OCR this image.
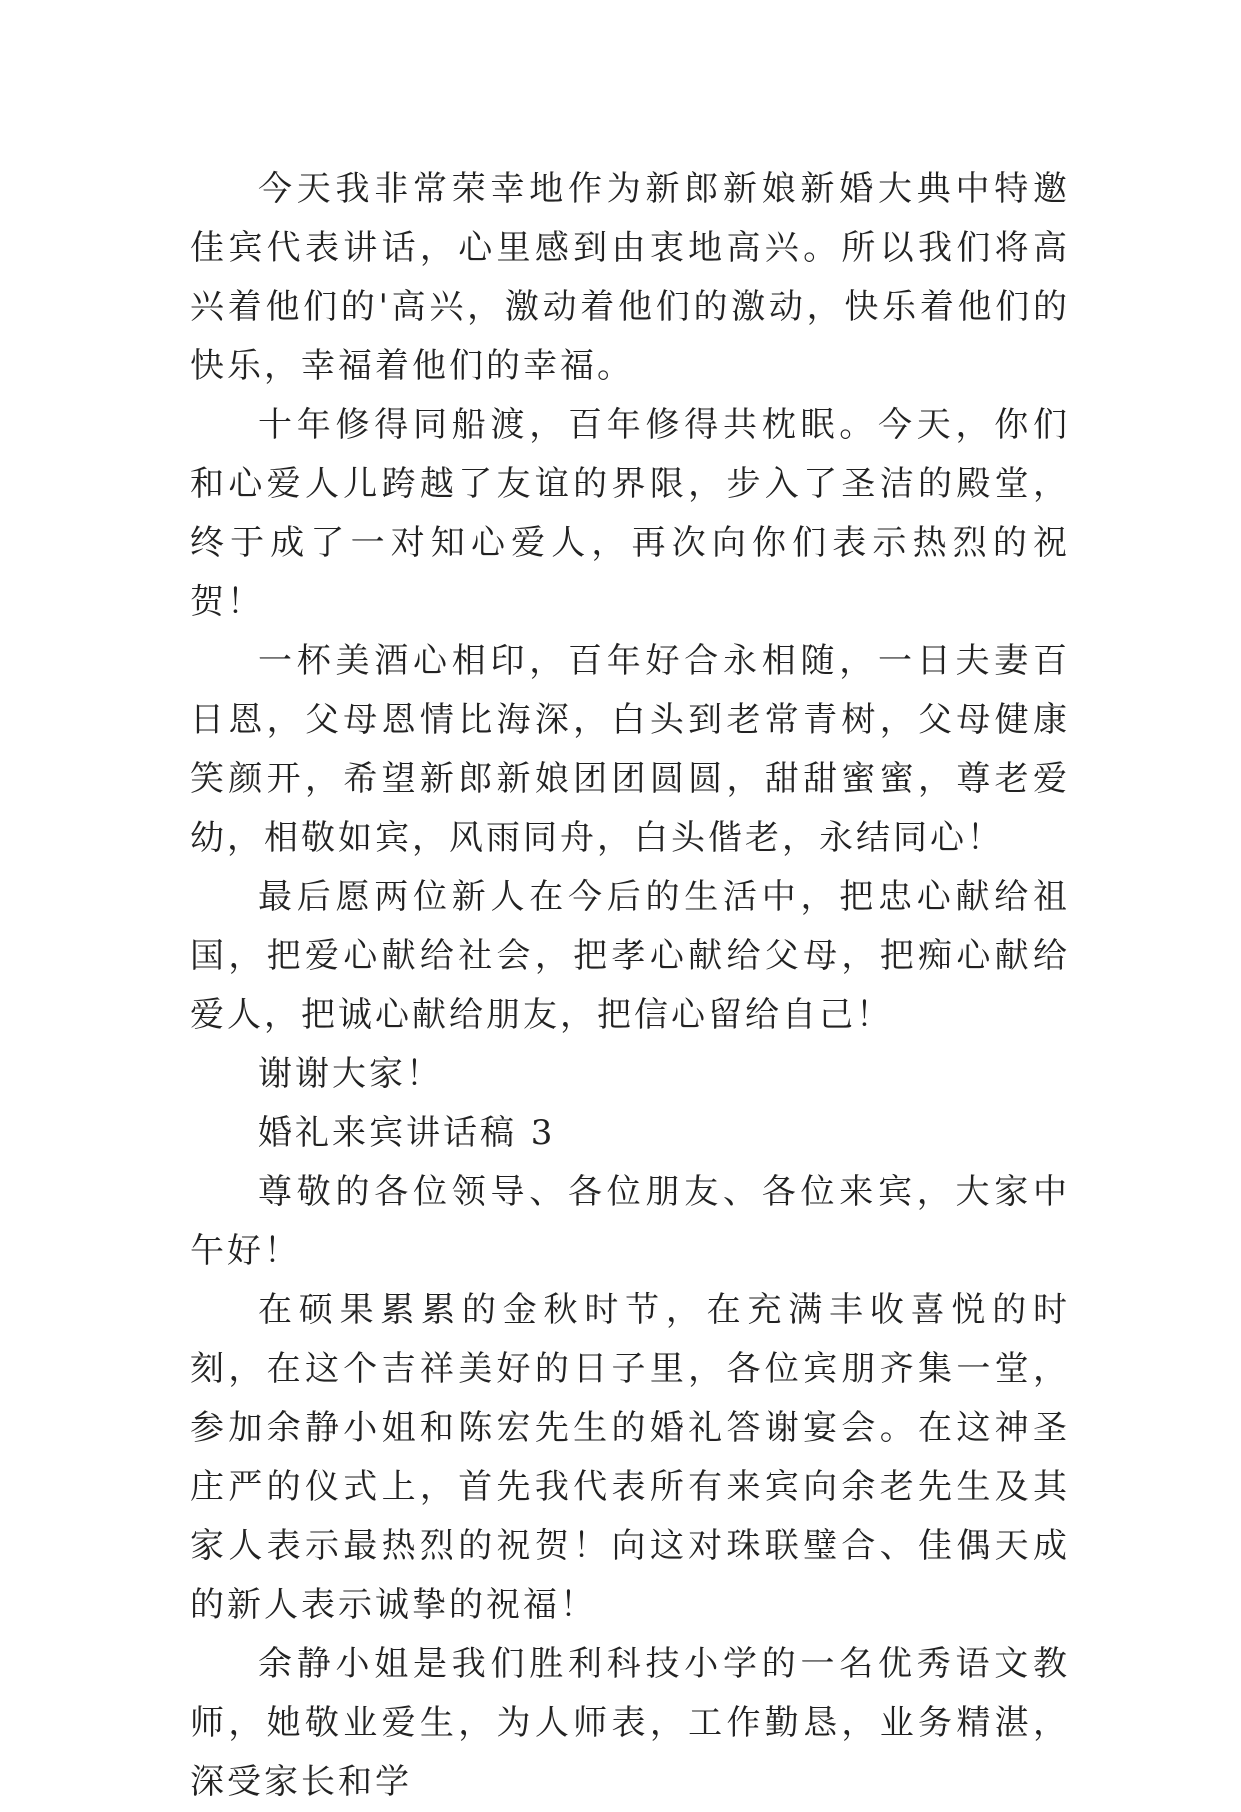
今天我非常荣幸地作为新郎新娘新婚大典中特邀佳宾代表讲话，心里感到由衷地高兴。所以我们将高兴着他们的'高兴，激动着他们的激动，快乐着他们的快乐，幸福着他们的幸福。

十年修得同船渡，百年修得共枕眠。今天，你们和心爱人儿跨越了友谊的界限，步入了圣洁的殿堂，终于成了一对知心爱人，再次向你们表示热烈的祝贺！

一杯美酒心相印，百年好合永相随，一日夫妻百日恩，父母恩情比海深，白头到老常青树，父母健康笑颜开，希望新郎新娘团团圆圆，甜甜蜜蜜，尊老爱幼，相敬如宾，风雨同舟，白头偕老，永结同心！

最后愿两位新人在今后的生活中，把忠心献给祖国，把爱心献给社会，把孝心献给父母，把痴心献给爱人，把诚心献给朋友，把信心留给自己！

谢谢大家！

婚礼来宾讲话稿 3

尊敬的各位领导、各位朋友、各位来宾，大家中午好！

在硕果累累的金秋时节，在充满丰收喜悦的时刻，在这个吉祥美好的日子里，各位宾朋齐集一堂，参加余静小姐和陈宏先生的婚礼答谢宴会。在这神圣庄严的仪式上，首先我代表所有来宾向余老先生及其家人表示最热烈的祝贺！向这对珠联璧合、佳偶天成的新人表示诚挚的祝福！

余静小姐是我们胜利科技小学的一名优秀语文教师，她敬业爱生，为人师表，工作勤恳，业务精湛，深受家长和学
